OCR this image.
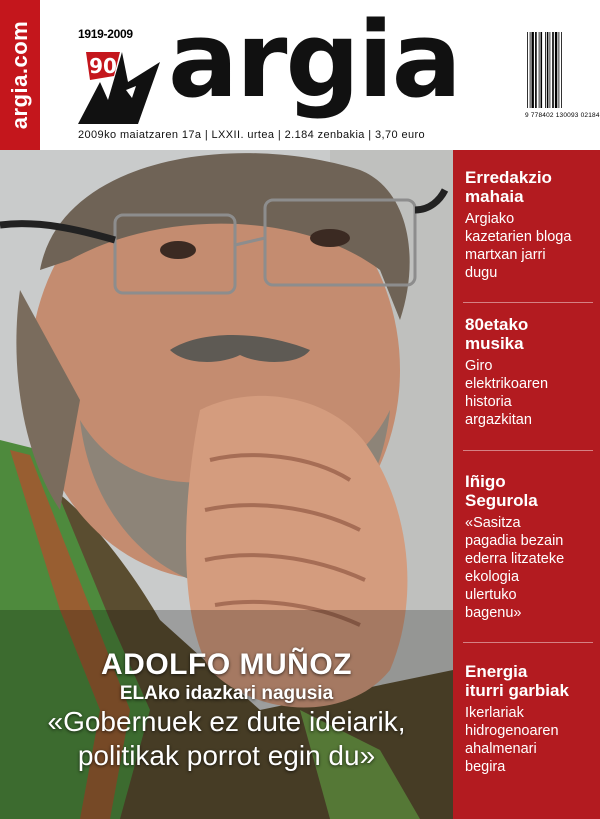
argia.com	1919-2009
90 argia	9 778402 130093 02184
2009ko maiatzaren 17a | LXXII. urtea | 2.184 zenbakia | 3,70 euro
ADOLFO MUÑOZ
ELAko idazkari nagusia
«Gobernuek ez dute ideiarik,
politikak porrot egin du»
Erredakzio
mahaia

Argiako
kazetarien bloga
martxan jarri
dugu

80etako
musika

Giro
elektrikoaren
historia
argazkitan

Iñigo
Segurola

«Sasitza
pagadia bezain
ederra litzateke
ekologia
ulertuko
bagenu»

Energia
iturri garbiak

Ikerlariak
hidrogenoaren
ahalmenari
begira
